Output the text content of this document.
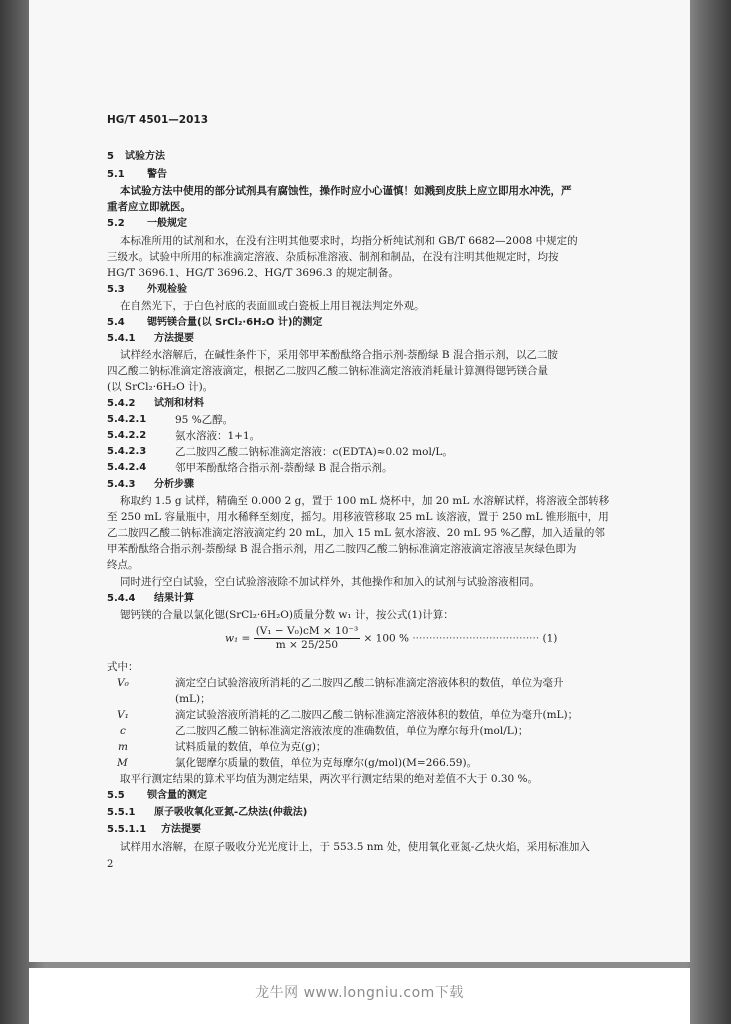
HG/T 4501—2013
5 试验方法
5.1 警告
本试验方法中使用的部分试剂具有腐蚀性，操作时应小心谨慎！如溅到皮肤上应立即用水冲洗，严
重者应立即就医。
5.2 一般规定
本标准所用的试剂和水，在没有注明其他要求时，均指分析纯试剂和 GB/T 6682—2008 中规定的
三级水。试验中所用的标准滴定溶液、杂质标准溶液、制剂和制品，在没有注明其他规定时，均按
HG/T 3696.1、HG/T 3696.2、HG/T 3696.3 的规定制备。
5.3 外观检验
在自然光下，于白色衬底的表面皿或白瓷板上用目视法判定外观。
5.4 锶钙镁合量(以 SrCl₂·6H₂O 计)的测定
5.4.1 方法提要
试样经水溶解后，在碱性条件下，采用邻甲苯酚酞络合指示剂-萘酚绿 B 混合指示剂，以乙二胺
四乙酸二钠标准滴定溶液滴定，根据乙二胺四乙酸二钠标准滴定溶液消耗量计算测得锶钙镁合量
(以 SrCl₂·6H₂O 计)。
5.4.2 试剂和材料
5.4.2.1	95 %乙醇。
5.4.2.2	氨水溶液：1+1。
5.4.2.3	乙二胺四乙酸二钠标准滴定溶液：c(EDTA)≈0.02 mol/L。
5.4.2.4	邻甲苯酚酞络合指示剂-萘酚绿 B 混合指示剂。
5.4.3 分析步骤
称取约 1.5 g 试样，精确至 0.000 2 g，置于 100 mL 烧杯中，加 20 mL 水溶解试样，将溶液全部转移
至 250 mL 容量瓶中，用水稀释至刻度，摇匀。用移液管移取 25 mL 该溶液，置于 250 mL 锥形瓶中，用
乙二胺四乙酸二钠标准滴定溶液滴定约 20 mL，加入 15 mL 氨水溶液、20 mL 95 %乙醇，加入适量的邻
甲苯酚酞络合指示剂-萘酚绿 B 混合指示剂，用乙二胺四乙酸二钠标准滴定溶液滴定溶液呈灰绿色即为
终点。
同时进行空白试验，空白试验溶液除不加试样外，其他操作和加入的试剂与试验溶液相同。
5.4.4 结果计算
锶钙镁的合量以氯化锶(SrCl₂·6H₂O)质量分数 w₁ 计，按公式(1)计算：
$w_1 = \frac{\text{(V₁ − V₀)cM × 10⁻³}}{m \times 25/250} \times 100$ % ······································ (1)
式中：
V₀	滴定空白试验溶液所消耗的乙二胺四乙酸二钠标准滴定溶液体积的数值，单位为毫升
(mL)；
V₁	滴定试验溶液所消耗的乙二胺四乙酸二钠标准滴定溶液体积的数值，单位为毫升(mL)；
c	乙二胺四乙酸二钠标准滴定溶液浓度的准确数值，单位为摩尔每升(mol/L)；
m	试料质量的数值，单位为克(g)；
M	氯化锶摩尔质量的数值，单位为克每摩尔(g/mol)(M=266.59)。
取平行测定结果的算术平均值为测定结果，两次平行测定结果的绝对差值不大于 0.30 %。
5.5 钡含量的测定
5.5.1 原子吸收氧化亚氮-乙炔法(仲裁法)
5.5.1.1 方法提要
试样用水溶解，在原子吸收分光光度计上，于 553.5 nm 处，使用氧化亚氮-乙炔火焰，采用标准加入
2
龙牛网 www.longniu.com下载
